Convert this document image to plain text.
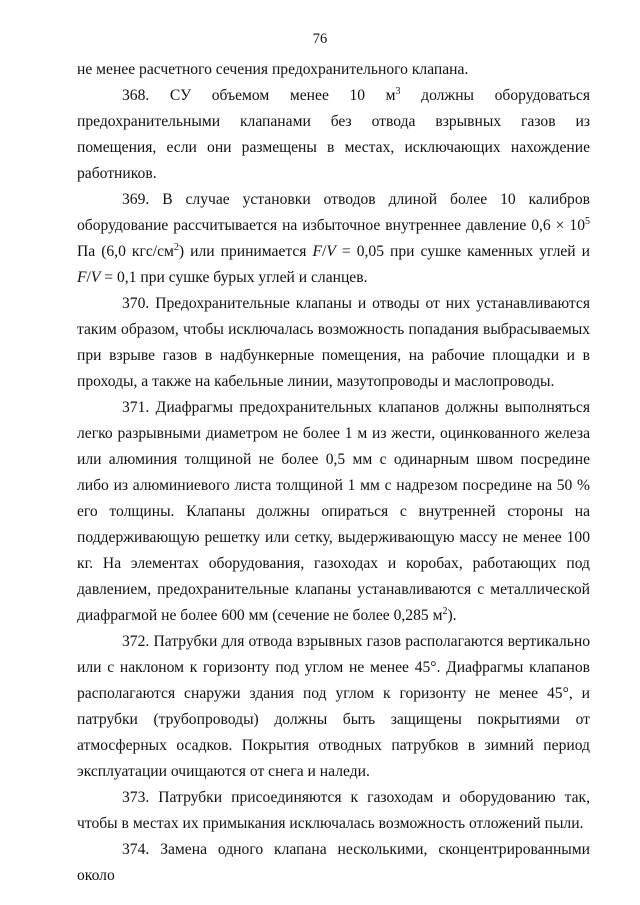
76

не менее расчетного сечения предохранительного клапана.

368. СУ объемом менее 10 $м^3$ должны оборудоваться предохранительными клапанами без отвода взрывных газов из помещения, если они размещены в местах, исключающих нахождение работников.

369. В случае установки отводов длиной более 10 калибров оборудование рассчитывается на избыточное внутреннее давление $0,6 \times 10^5$ Па (6,0 кгс/$см^2$) или принимается F/V = 0,05 при сушке каменных углей и F/V = 0,1 при сушке бурых углей и сланцев.

370. Предохранительные клапаны и отводы от них устанавливаются таким образом, чтобы исключалась возможность попадания выбрасываемых при взрыве газов в надбункерные помещения, на рабочие площадки и в проходы, а также на кабельные линии, мазутопроводы и маслопроводы.

371. Диафрагмы предохранительных клапанов должны выполняться легко разрывными диаметром не более 1 м из жести, оцинкованного железа или алюминия толщиной не более 0,5 мм с одинарным швом посредине либо из алюминиевого листа толщиной 1 мм с надрезом посредине на 50 % его толщины. Клапаны должны опираться с внутренней стороны на поддерживающую решетку или сетку, выдерживающую массу не менее 100 кг. На элементах оборудования, газоходах и коробах, работающих под давлением, предохранительные клапаны устанавливаются с металлической диафрагмой не более 600 мм (сечение не более 0,285 $м^2$).

372. Патрубки для отвода взрывных газов располагаются вертикально или с наклоном к горизонту под углом не менее 45°. Диафрагмы клапанов располагаются снаружи здания под углом к горизонту не менее 45°, и патрубки (трубопроводы) должны быть защищены покрытиями от атмосферных осадков. Покрытия отводных патрубков в зимний период эксплуатации очищаются от снега и наледи.

373. Патрубки присоединяются к газоходам и оборудованию так, чтобы в местах их примыкания исключалась возможность отложений пыли.

374. Замена одного клапана несколькими, сконцентрированными около
